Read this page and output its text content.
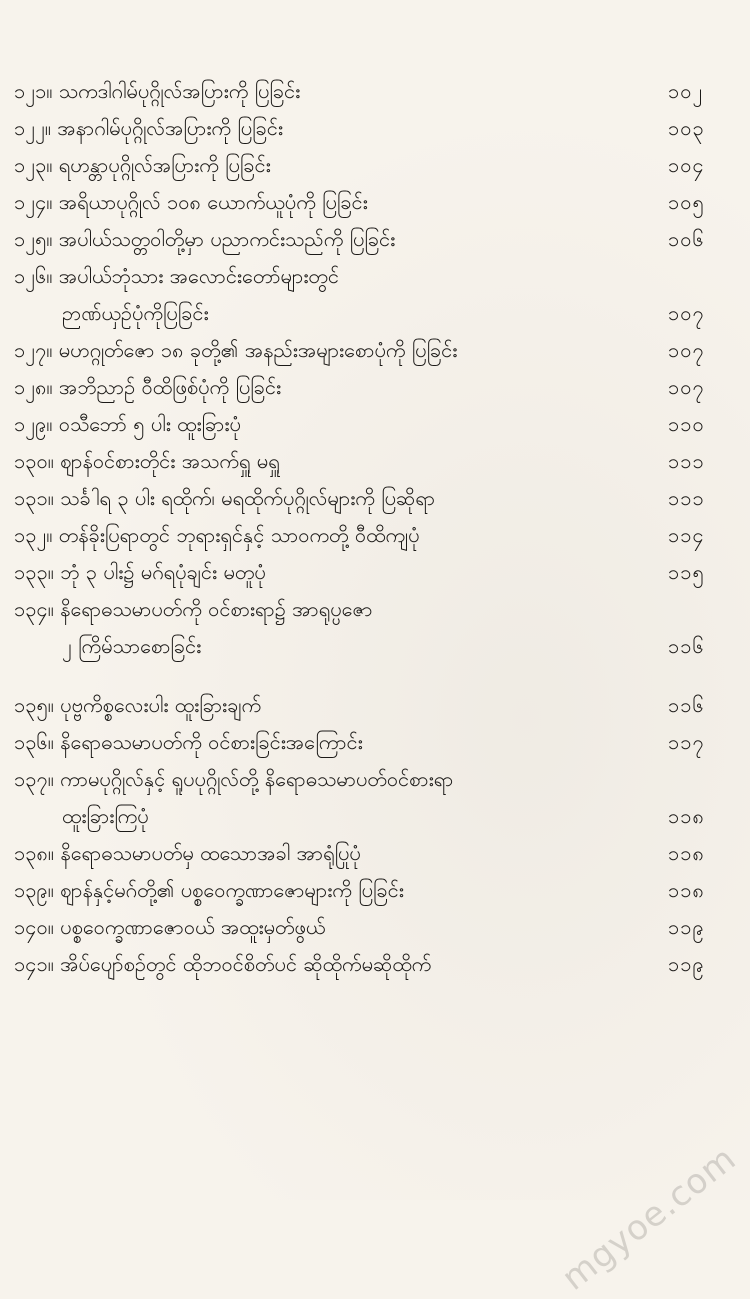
၁၂၁။ သကဒါဂါမ်ပုဂ္ဂိုလ်အပြားကို ပြခြင်း	၁၀၂
၁၂၂။ အနာဂါမ်ပုဂ္ဂိုလ်အပြားကို ပြခြင်း	၁၀၃
၁၂၃။ ရဟန္တာပုဂ္ဂိုလ်အပြားကို ပြခြင်း	၁၀၄
၁၂၄။ အရိယာပုဂ္ဂိုလ် ၁၀၈ ယောက်ယူပုံကို ပြခြင်း	၁၀၅
၁၂၅။ အပါယ်သတ္တဝါတို့မှာ ပညာကင်းသည်ကို ပြခြင်း	၁၀၆
၁၂၆။ အပါယ်ဘုံသား အလောင်းတော်များတွင်
ဉာဏ်ယှဉ်ပုံကိုပြခြင်း	၁၀၇
၁၂၇။ မဟဂ္ဂုတ်ဇော ၁၈ ခုတို့၏ အနည်းအများစောပုံကို ပြခြင်း	၁၀၇
၁၂၈။ အဘိညာဉ် ဝီထိဖြစ်ပုံကို ပြခြင်း	၁၀၇
၁၂၉။ ဝသီဘော် ၅ ပါး ထူးခြားပုံ	၁၁၀
၁၃၀။ ဈာန်ဝင်စားတိုင်း အသက်ရှူ မရှူ	၁၁၁
၁၃၁။ သင်္ခါရ ၃ ပါး ရထိုက်၊ မရထိုက်ပုဂ္ဂိုလ်များကို ပြဆိုရာ	၁၁၁
၁၃၂။ တန်ခိုးပြရာတွင် ဘုရားရှင်နှင့် သာဝကတို့ ဝီထိကျပုံ	၁၁၄
၁၃၃။ ဘုံ ၃ ပါး၌ မဂ်ရပုံချင်း မတူပုံ	၁၁၅
၁၃၄။ နိရောဓသမာပတ်ကို ဝင်စားရာ၌ အာရုပ္ပဇော
၂ ကြိမ်သာစောခြင်း	၁၁၆
၁၃၅။ ပုဗ္ဗကိစ္စလေးပါး ထူးခြားချက်	၁၁၆
၁၃၆။ နိရောဓသမာပတ်ကို ဝင်စားခြင်းအကြောင်း	၁၁၇
၁၃၇။ ကာမပုဂ္ဂိုလ်နှင့် ရူပပုဂ္ဂိုလ်တို့ နိရောဓသမာပတ်ဝင်စားရာ
ထူးခြားကြပုံ	၁၁၈
၁၃၈။ နိရောဓသမာပတ်မှ ထသောအခါ အာရုံပြုပုံ	၁၁၈
၁၃၉။ ဈာန်နှင့်မဂ်တို့၏ ပစ္စဝေက္ခဏာဇောများကို ပြခြင်း	၁၁၈
၁၄၀။ ပစ္စဝေက္ခဏာဇောဝယ် အထူးမှတ်ဖွယ်	၁၁၉
၁၄၁။ အိပ်ပျော်စဉ်တွင် ထိုဘဝင်စိတ်ပင် ဆိုထိုက်မဆိုထိုက်	၁၁၉
mgyoe.com
